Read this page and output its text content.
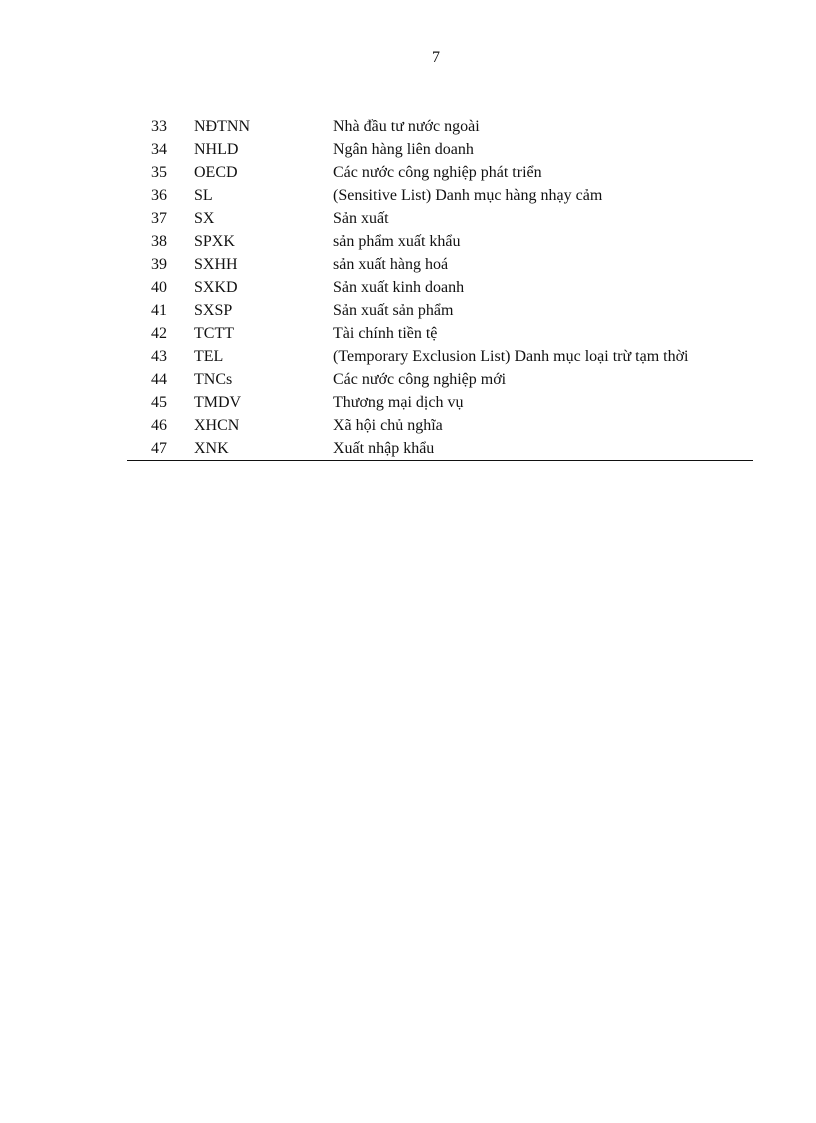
7
33	NĐTNN	Nhà đầu tư nước ngoài
34	NHLD	Ngân hàng liên doanh
35	OECD	Các nước công nghiệp phát triển
36	SL	(Sensitive List) Danh mục hàng nhạy cảm
37	SX	Sản xuất
38	SPXK	sản phẩm xuất khẩu
39	SXHH	sản xuất hàng hoá
40	SXKD	Sản xuất kinh doanh
41	SXSP	Sản xuất sản phẩm
42	TCTT	Tài chính tiền tệ
43	TEL	(Temporary Exclusion List) Danh mục loại trừ tạm thời
44	TNCs	Các nước công nghiệp mới
45	TMDV	Thương mại dịch vụ
46	XHCN	Xã hội chủ nghĩa
47	XNK	Xuất nhập khẩu
